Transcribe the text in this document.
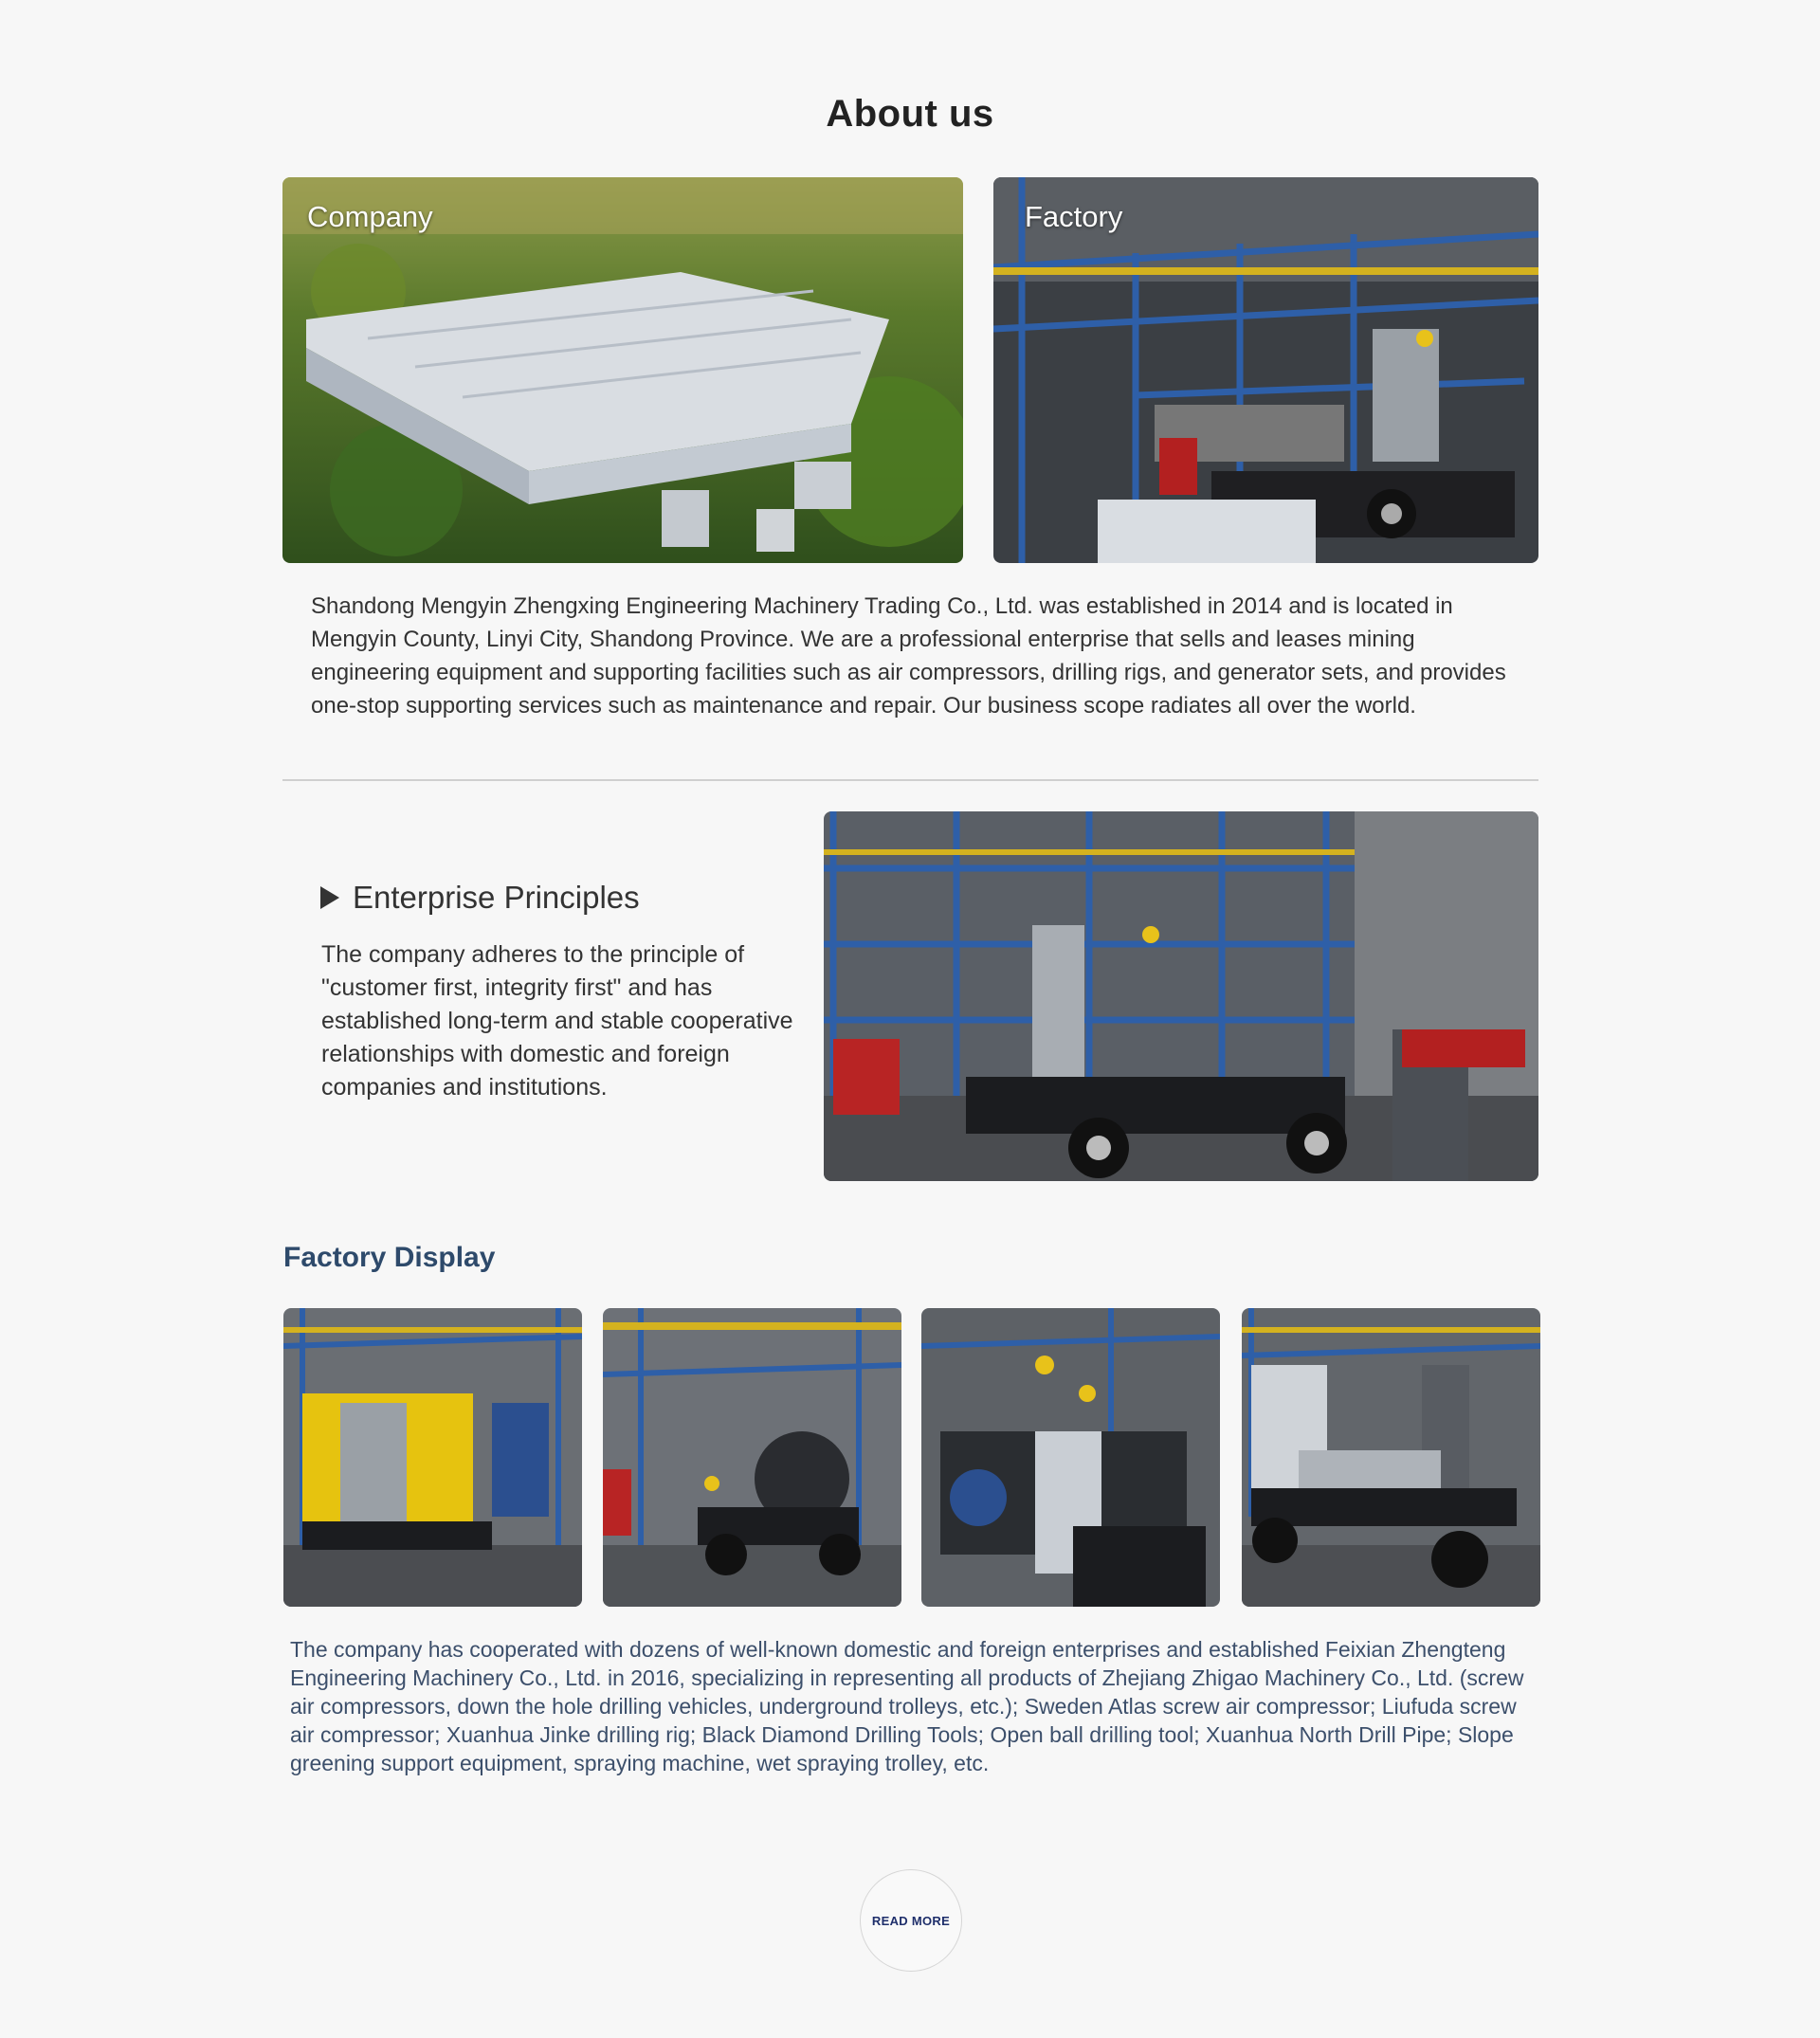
About us
Company	Factory

Shandong Mengyin Zhengxing Engineering Machinery Trading Co., Ltd. was established in 2014 and is located in Mengyin County, Linyi City, Shandong Province. We are a professional enterprise that sells and leases mining engineering equipment and supporting facilities such as air compressors, drilling rigs, and generator sets, and provides one-stop supporting services such as maintenance and repair. Our business scope radiates all over the world.

Enterprise Principles

The company adheres to the principle of "customer first, integrity first" and has established long-term and stable cooperative relationships with domestic and foreign companies and institutions.

Factory Display

The company has cooperated with dozens of well-known domestic and foreign enterprises and established Feixian Zhengteng Engineering Machinery Co., Ltd. in 2016, specializing in representing all products of Zhejiang Zhigao Machinery Co., Ltd. (screw air compressors, down the hole drilling vehicles, underground trolleys, etc.); Sweden Atlas screw air compressor; Liufuda screw air compressor; Xuanhua Jinke drilling rig; Black Diamond Drilling Tools; Open ball drilling tool; Xuanhua North Drill Pipe; Slope greening support equipment, spraying machine, wet spraying trolley, etc.

READ MORE
